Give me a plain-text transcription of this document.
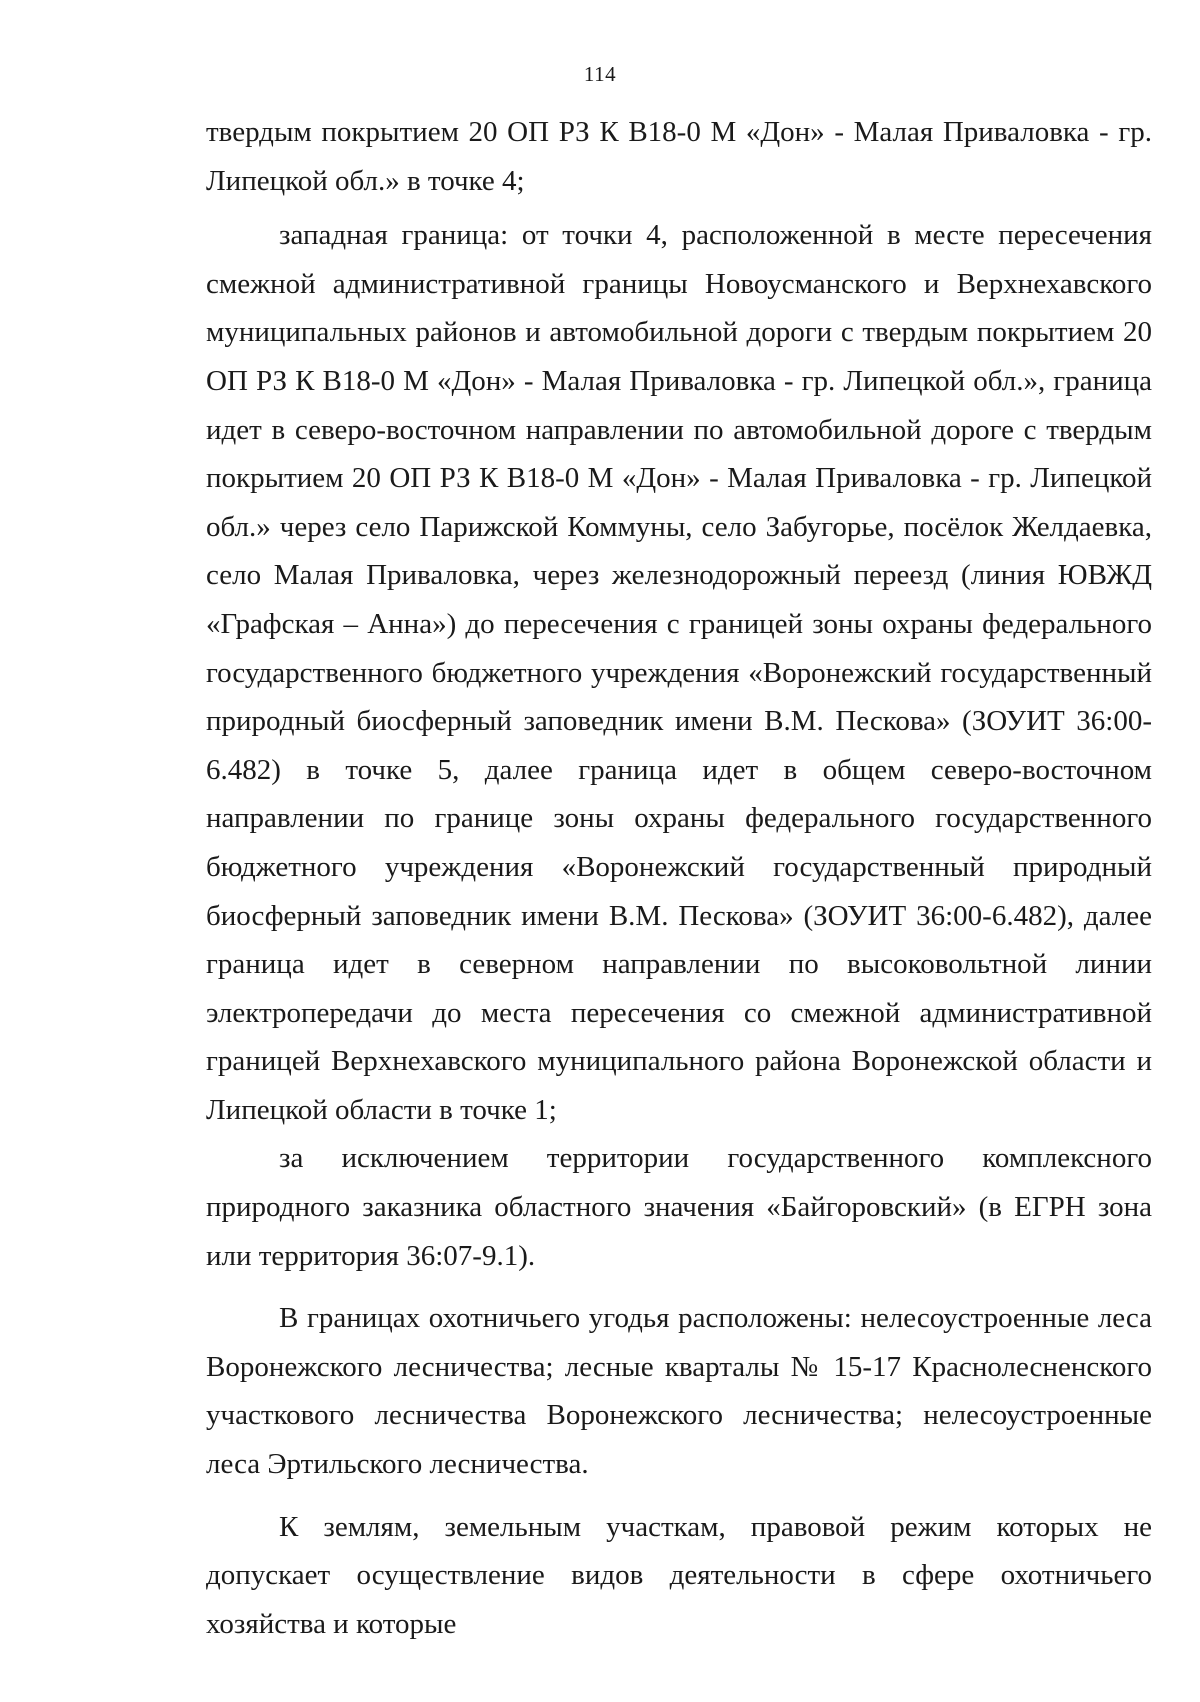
114

твердым покрытием 20 ОП РЗ К В18-0 М «Дон» - Малая Приваловка - гр. Липецкой обл.» в точке 4;

западная граница: от точки 4, расположенной в месте пересечения смежной административной границы Новоусманского и Верхнехавского муниципальных районов и автомобильной дороги с твердым покрытием 20 ОП РЗ К В18-0 М «Дон» - Малая Приваловка - гр. Липецкой обл.», граница идет в северо-восточном направлении по автомобильной дороге с твердым покрытием 20 ОП РЗ К В18-0 М «Дон» - Малая Приваловка - гр. Липецкой обл.» через село Парижской Коммуны, село Забугорье, посёлок Желдаевка, село Малая Приваловка, через железнодорожный переезд (линия ЮВЖД «Графская – Анна») до пересечения с границей зоны охраны федерального государственного бюджетного учреждения «Воронежский государственный природный биосферный заповедник имени В.М. Пескова» (ЗОУИТ 36:00-6.482) в точке 5, далее граница идет в общем северо-восточном направлении по границе зоны охраны федерального государственного бюджетного учреждения «Воронежский государственный природный биосферный заповедник имени В.М. Пескова» (ЗОУИТ 36:00-6.482), далее граница идет в северном направлении по высоковольтной линии электропередачи до места пересечения со смежной административной границей Верхнехавского муниципального района Воронежской области и Липецкой области в точке 1;

за исключением территории государственного комплексного природного заказника областного значения «Байгоровский» (в ЕГРН зона или территория 36:07-9.1).

В границах охотничьего угодья расположены: нелесоустроенные леса Воронежского лесничества; лесные кварталы № 15-17 Краснолесненского участкового лесничества Воронежского лесничества; нелесоустроенные леса Эртильского лесничества.

К землям, земельным участкам, правовой режим которых не допускает осуществление видов деятельности в сфере охотничьего хозяйства и которые
